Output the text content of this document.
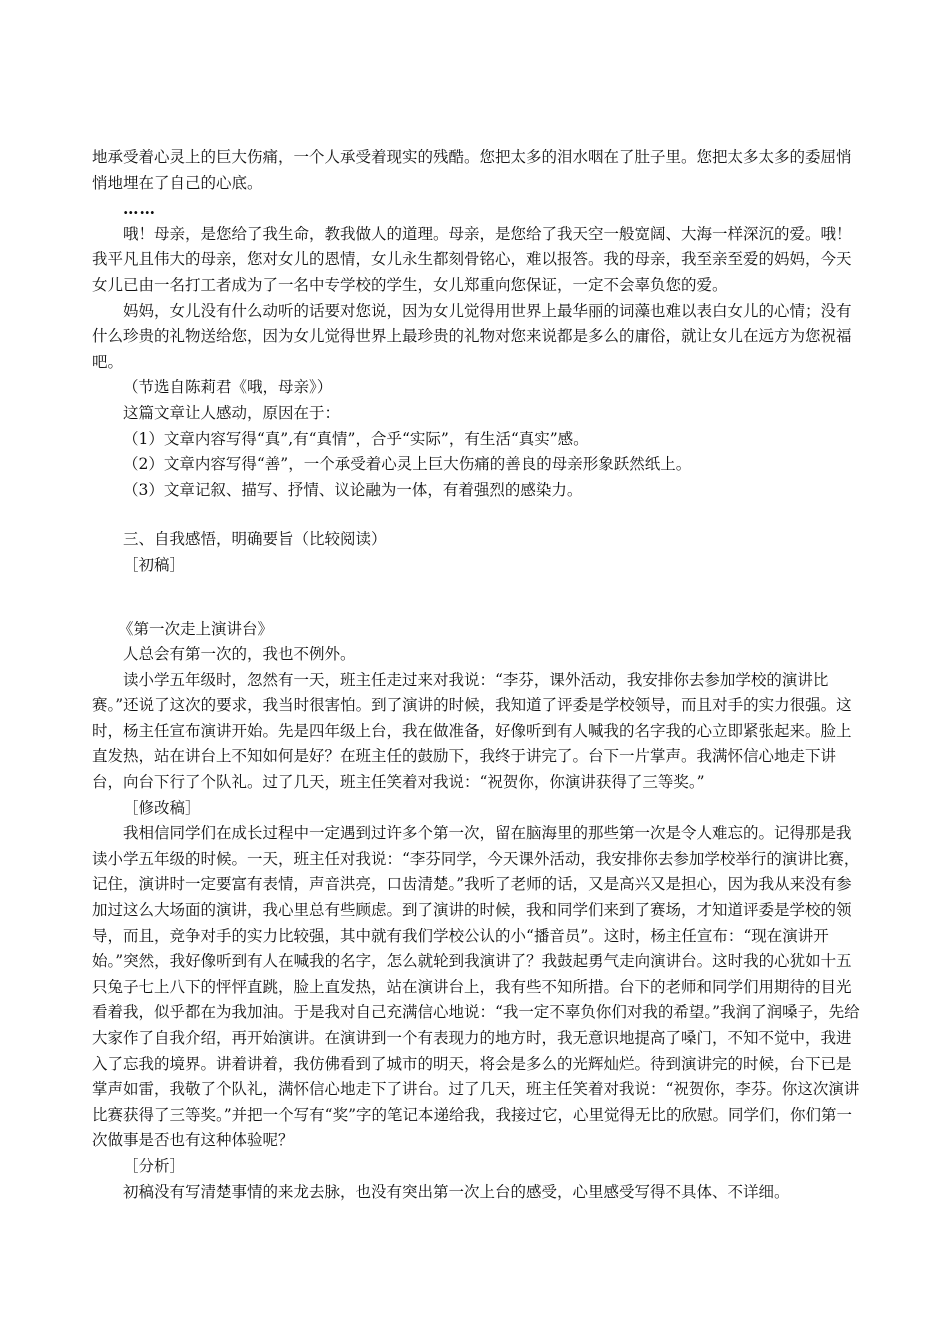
地承受着心灵上的巨大伤痛，一个人承受着现实的残酷。您把太多的泪水咽在了肚子里。您把太多太多的委屈悄悄地埋在了自己的心底。

……

哦！母亲，是您给了我生命，教我做人的道理。母亲，是您给了我天空一般宽阔、大海一样深沉的爱。哦！我平凡且伟大的母亲，您对女儿的恩情，女儿永生都刻骨铭心，难以报答。我的母亲，我至亲至爱的妈妈，今天女儿已由一名打工者成为了一名中专学校的学生，女儿郑重向您保证，一定不会辜负您的爱。

妈妈，女儿没有什么动听的话要对您说，因为女儿觉得用世界上最华丽的词藻也难以表白女儿的心情；没有什么珍贵的礼物送给您，因为女儿觉得世界上最珍贵的礼物对您来说都是多么的庸俗，就让女儿在远方为您祝福吧。

（节选自陈莉君《哦，母亲》）

这篇文章让人感动，原因在于：

（1）文章内容写得“真”,有“真情”，合乎“实际”，有生活“真实”感。

（2）文章内容写得“善”，一个承受着心灵上巨大伤痛的善良的母亲形象跃然纸上。

（3）文章记叙、描写、抒情、议论融为一体，有着强烈的感染力。

三、自我感悟，明确要旨（比较阅读）

［初稿］

《第一次走上演讲台》

人总会有第一次的，我也不例外。

读小学五年级时，忽然有一天，班主任走过来对我说：“李芬，课外活动，我安排你去参加学校的演讲比赛。”还说了这次的要求，我当时很害怕。到了演讲的时候，我知道了评委是学校领导，而且对手的实力很强。这时，杨主任宣布演讲开始。先是四年级上台，我在做准备，好像听到有人喊我的名字我的心立即紧张起来。脸上直发热，站在讲台上不知如何是好？在班主任的鼓励下，我终于讲完了。台下一片掌声。我满怀信心地走下讲台，向台下行了个队礼。过了几天，班主任笑着对我说：“祝贺你，你演讲获得了三等奖。”

［修改稿］

我相信同学们在成长过程中一定遇到过许多个第一次，留在脑海里的那些第一次是令人难忘的。记得那是我读小学五年级的时候。一天，班主任对我说：“李芬同学，今天课外活动，我安排你去参加学校举行的演讲比赛，记住，演讲时一定要富有表情，声音洪亮，口齿清楚。”我听了老师的话，又是高兴又是担心，因为我从来没有参加过这么大场面的演讲，我心里总有些顾虑。到了演讲的时候，我和同学们来到了赛场，才知道评委是学校的领导，而且，竞争对手的实力比较强，其中就有我们学校公认的小“播音员”。这时，杨主任宣布：“现在演讲开始。”突然，我好像听到有人在喊我的名字，怎么就轮到我演讲了？我鼓起勇气走向演讲台。这时我的心犹如十五只兔子七上八下的怦怦直跳，脸上直发热，站在演讲台上，我有些不知所措。台下的老师和同学们用期待的目光看着我，似乎都在为我加油。于是我对自己充满信心地说：“我一定不辜负你们对我的希望。”我润了润嗓子，先给大家作了自我介绍，再开始演讲。在演讲到一个有表现力的地方时，我无意识地提高了嗓门，不知不觉中，我进入了忘我的境界。讲着讲着，我仿佛看到了城市的明天，将会是多么的光辉灿烂。待到演讲完的时候，台下已是掌声如雷，我敬了个队礼，满怀信心地走下了讲台。过了几天，班主任笑着对我说：“祝贺你，李芬。你这次演讲比赛获得了三等奖。”并把一个写有“奖”字的笔记本递给我，我接过它，心里觉得无比的欣慰。同学们，你们第一次做事是否也有这种体验呢？

［分析］

初稿没有写清楚事情的来龙去脉，也没有突出第一次上台的感受，心里感受写得不具体、不详细。
